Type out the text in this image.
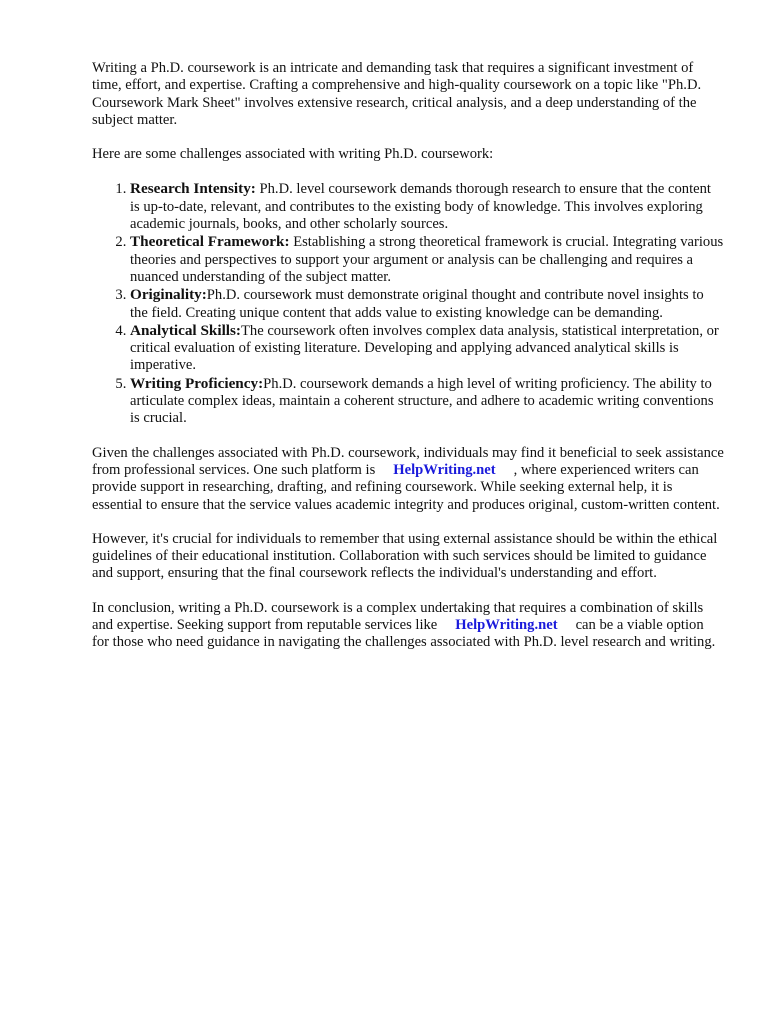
Writing a Ph.D. coursework is an intricate and demanding task that requires a significant investment of time, effort, and expertise. Crafting a comprehensive and high-quality coursework on a topic like "Ph.D. Coursework Mark Sheet" involves extensive research, critical analysis, and a deep understanding of the subject matter.

Here are some challenges associated with writing Ph.D. coursework:

1. Research Intensity: Ph.D. level coursework demands thorough research to ensure that the content is up-to-date, relevant, and contributes to the existing body of knowledge. This involves exploring academic journals, books, and other scholarly sources.
2. Theoretical Framework: Establishing a strong theoretical framework is crucial. Integrating various theories and perspectives to support your argument or analysis can be challenging and requires a nuanced understanding of the subject matter.
3. Originality:Ph.D. coursework must demonstrate original thought and contribute novel insights to the field. Creating unique content that adds value to existing knowledge can be demanding.
4. Analytical Skills:The coursework often involves complex data analysis, statistical interpretation, or critical evaluation of existing literature. Developing and applying advanced analytical skills is imperative.
5. Writing Proficiency:Ph.D. coursework demands a high level of writing proficiency. The ability to articulate complex ideas, maintain a coherent structure, and adhere to academic writing conventions is crucial.

Given the challenges associated with Ph.D. coursework, individuals may find it beneficial to seek assistance from professional services. One such platform is HelpWriting.net , where experienced writers can provide support in researching, drafting, and refining coursework. While seeking external help, it is essential to ensure that the service values academic integrity and produces original, custom-written content.

However, it's crucial for individuals to remember that using external assistance should be within the ethical guidelines of their educational institution. Collaboration with such services should be limited to guidance and support, ensuring that the final coursework reflects the individual's understanding and effort.

In conclusion, writing a Ph.D. coursework is a complex undertaking that requires a combination of skills and expertise. Seeking support from reputable services like HelpWriting.net can be a viable option for those who need guidance in navigating the challenges associated with Ph.D. level research and writing.
